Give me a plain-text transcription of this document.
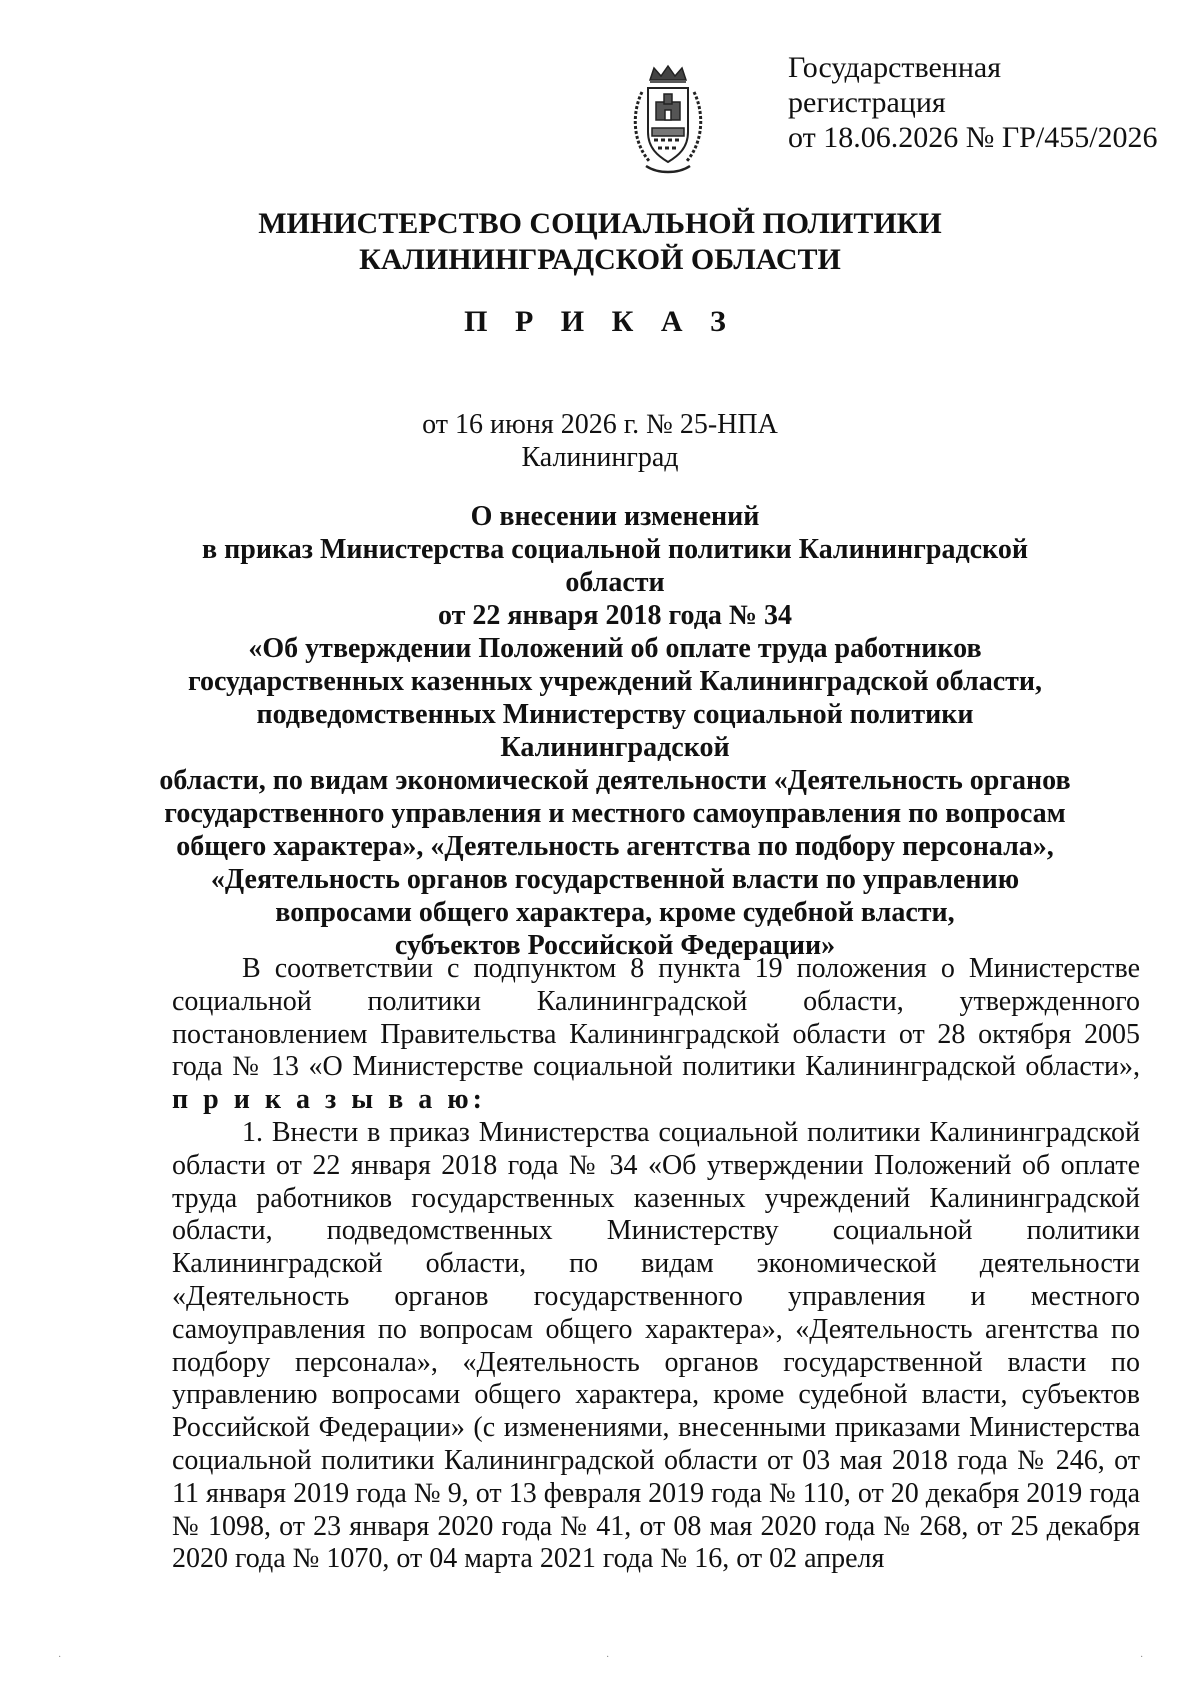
Государственная регистрация
от 18.06.2026 № ГР/455/2026
МИНИСТЕРСТВО СОЦИАЛЬНОЙ ПОЛИТИКИ
КАЛИНИНГРАДСКОЙ ОБЛАСТИ
П Р И К А З
от 16 июня 2026 г. № 25-НПА
Калининград
О внесении изменений
в приказ Министерства социальной политики Калининградской области
от 22 января 2018 года № 34
«Об утверждении Положений об оплате труда работников
государственных казенных учреждений Калининградской области,
подведомственных Министерству социальной политики Калининградской
области, по видам экономической деятельности «Деятельность органов
государственного управления и местного самоуправления по вопросам
общего характера», «Деятельность агентства по подбору персонала»,
«Деятельность органов государственной власти по управлению
вопросами общего характера, кроме судебной власти,
субъектов Российской Федерации»

В соответствии с подпунктом 8 пункта 19 положения о Министерстве социальной политики Калининградской области, утвержденного постановлением Правительства Калининградской области от 28 октября 2005 года № 13 «О Министерстве социальной политики Калининградской области», п р и к а з ы в а ю:

1. Внести в приказ Министерства социальной политики Калининградской области от 22 января 2018 года № 34 «Об утверждении Положений об оплате труда работников государственных казенных учреждений Калининградской области, подведомственных Министерству социальной политики Калининградской области, по видам экономической деятельности «Деятельность органов государственного управления и местного самоуправления по вопросам общего характера», «Деятельность агентства по подбору персонала», «Деятельность органов государственной власти по управлению вопросами общего характера, кроме судебной власти, субъектов Российской Федерации» (с изменениями, внесенными приказами Министерства социальной политики Калининградской области от 03 мая 2018 года № 246, от 11 января 2019 года № 9, от 13 февраля 2019 года № 110, от 20 декабря 2019 года № 1098, от 23 января 2020 года № 41, от 08 мая 2020 года № 268, от 25 декабря 2020 года № 1070, от 04 марта 2021 года № 16, от 02 апреля

·	·	·
